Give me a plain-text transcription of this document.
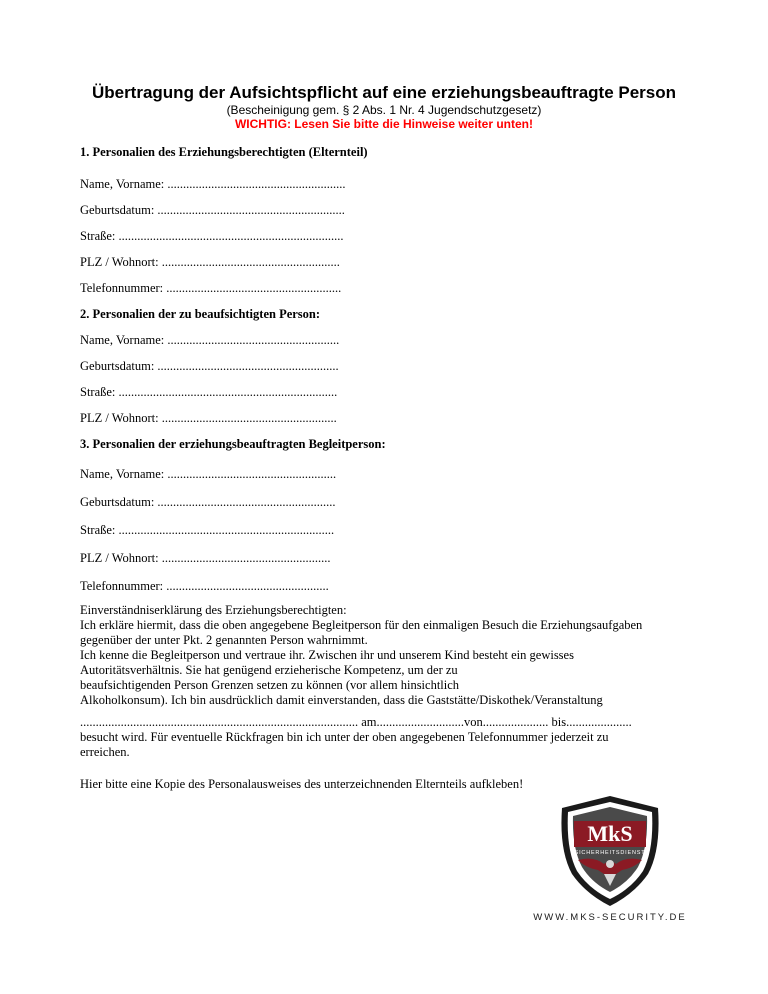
Übertragung der Aufsichtspflicht auf eine erziehungsbeauftragte Person
(Bescheinigung gem. § 2 Abs. 1 Nr. 4 Jugendschutzgesetz)
WICHTIG: Lesen Sie bitte die Hinweise weiter unten!
1. Personalien des Erziehungsberechtigten (Elternteil)
Name, Vorname: .........................................................
Geburtsdatum: ............................................................
Straße: ........................................................................
PLZ / Wohnort: .........................................................
Telefonnummer: ........................................................
2. Personalien der zu beaufsichtigten Person:
Name, Vorname: .......................................................
Geburtsdatum: ..........................................................
Straße: ......................................................................
PLZ / Wohnort: ........................................................
3. Personalien der erziehungsbeauftragten Begleitperson:
Name, Vorname: ......................................................
Geburtsdatum: .........................................................
Straße: .....................................................................
PLZ / Wohnort: ......................................................
Telefonnummer: ....................................................
Einverständniserklärung des Erziehungsberechtigten:
Ich erkläre hiermit, dass die oben angegebene Begleitperson für den einmaligen Besuch die Erziehungsaufgaben
gegenüber der unter Pkt. 2 genannten Person wahrnimmt.
Ich kenne die Begleitperson und vertraue ihr. Zwischen ihr und unserem Kind besteht ein gewisses
Autoritätsverhältnis. Sie hat genügend erzieherische Kompetenz, um der zu
beaufsichtigenden Person Grenzen setzen zu können (vor allem hinsichtlich
Alkoholkonsum). Ich bin ausdrücklich damit einverstanden, dass die Gaststätte/Diskothek/Veranstaltung
......................................................................................... am............................von..................... bis.....................
besucht wird. Für eventuelle Rückfragen bin ich unter der oben angegebenen Telefonnummer jederzeit zu
erreichen.
Hier bitte eine Kopie des Personalausweises des unterzeichnenden Elternteils aufkleben!
MkS
SICHERHEITSDIENST
WWW.MKS-SECURITY.DE
